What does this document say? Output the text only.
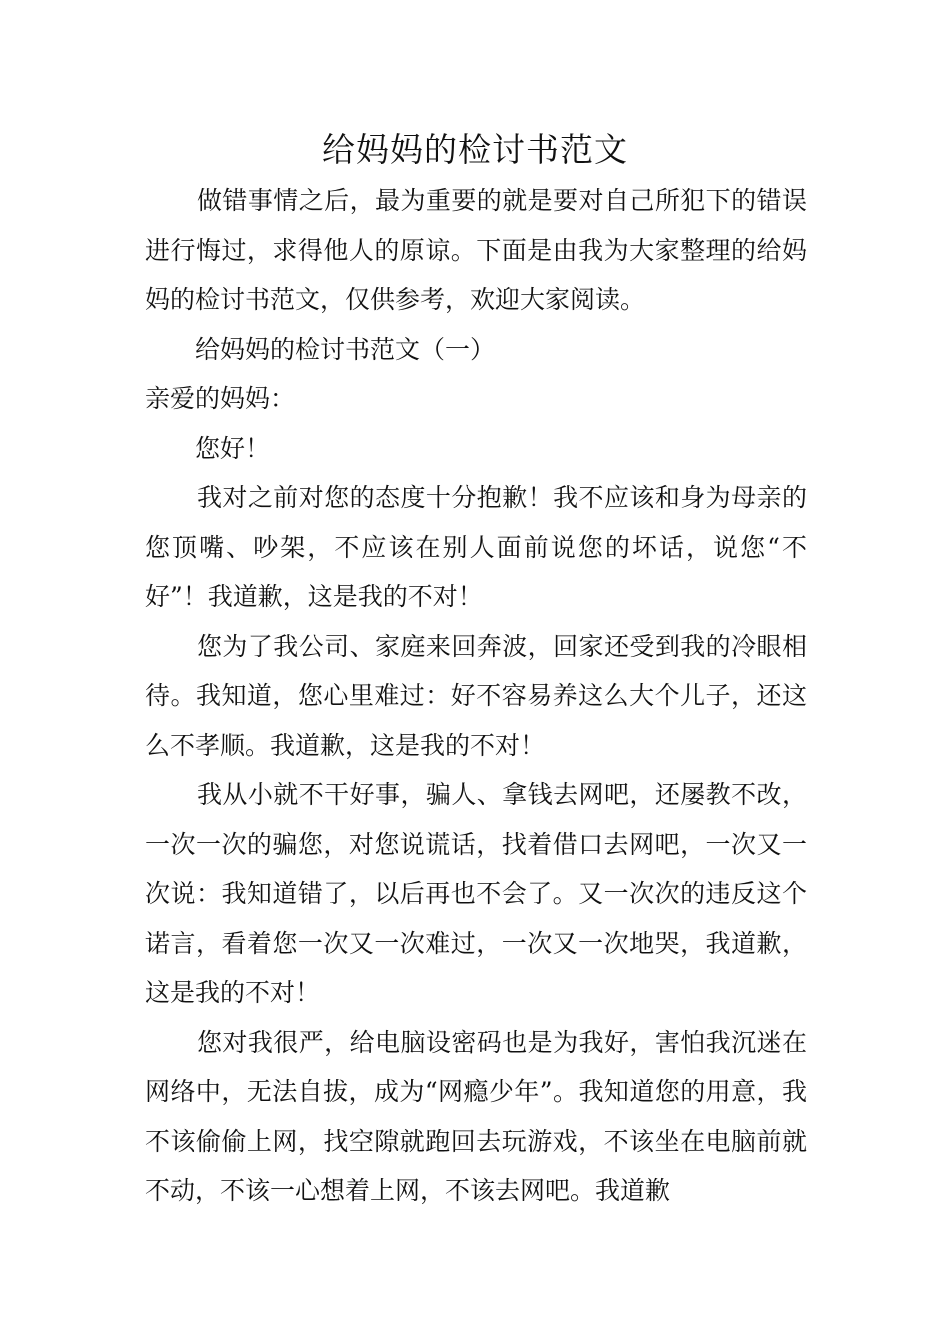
给妈妈的检讨书范文

做错事情之后，最为重要的就是要对自己所犯下的错误进行悔过，求得他人的原谅。下面是由我为大家整理的给妈妈的检讨书范文，仅供参考，欢迎大家阅读。

给妈妈的检讨书范文（一）

亲爱的妈妈：

您好！

我对之前对您的态度十分抱歉！我不应该和身为母亲的您顶嘴、吵架，不应该在别人面前说您的坏话，说您“不好”！我道歉，这是我的不对！

您为了我公司、家庭来回奔波，回家还受到我的冷眼相待。我知道，您心里难过：好不容易养这么大个儿子，还这么不孝顺。我道歉，这是我的不对！

我从小就不干好事，骗人、拿钱去网吧，还屡教不改，一次一次的骗您，对您说谎话，找着借口去网吧，一次又一次说：我知道错了，以后再也不会了。又一次次的违反这个诺言，看着您一次又一次难过，一次又一次地哭，我道歉，这是我的不对！

您对我很严，给电脑设密码也是为我好，害怕我沉迷在网络中，无法自拔，成为“网瘾少年”。我知道您的用意，我不该偷偷上网，找空隙就跑回去玩游戏，不该坐在电脑前就不动，不该一心想着上网，不该去网吧。我道歉
